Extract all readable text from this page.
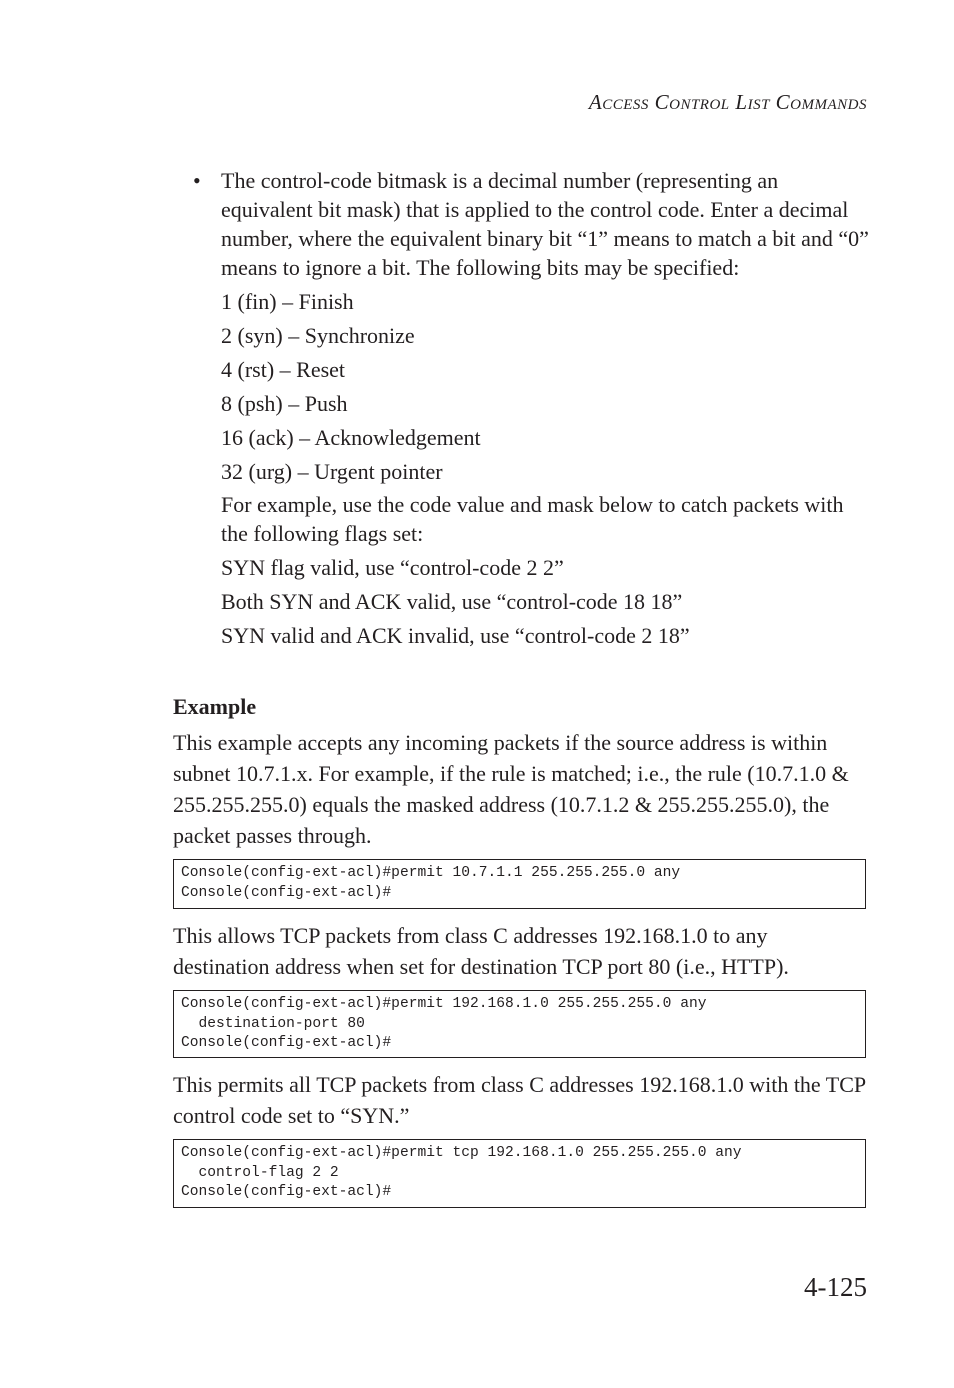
Access Control List Commands
• The control-code bitmask is a decimal number (representing an equivalent bit mask) that is applied to the control code. Enter a decimal number, where the equivalent binary bit “1” means to match a bit and “0” means to ignore a bit. The following bits may be specified:
1 (fin) – Finish
2 (syn) – Synchronize
4 (rst) – Reset
8 (psh) – Push
16 (ack) – Acknowledgement
32 (urg) – Urgent pointer
For example, use the code value and mask below to catch packets with the following flags set:
SYN flag valid, use “control-code 2 2”
Both SYN and ACK valid, use “control-code 18 18”
SYN valid and ACK invalid, use “control-code 2 18”
Example
This example accepts any incoming packets if the source address is within subnet 10.7.1.x. For example, if the rule is matched; i.e., the rule (10.7.1.0 & 255.255.255.0) equals the masked address (10.7.1.2 & 255.255.255.0), the packet passes through.
Console(config-ext-acl)#permit 10.7.1.1 255.255.255.0 any
Console(config-ext-acl)#
This allows TCP packets from class C addresses 192.168.1.0 to any destination address when set for destination TCP port 80 (i.e., HTTP).
Console(config-ext-acl)#permit 192.168.1.0 255.255.255.0 any
destination-port 80
Console(config-ext-acl)#
This permits all TCP packets from class C addresses 192.168.1.0 with the TCP control code set to “SYN.”
Console(config-ext-acl)#permit tcp 192.168.1.0 255.255.255.0 any
control-flag 2 2
Console(config-ext-acl)#
4-125
